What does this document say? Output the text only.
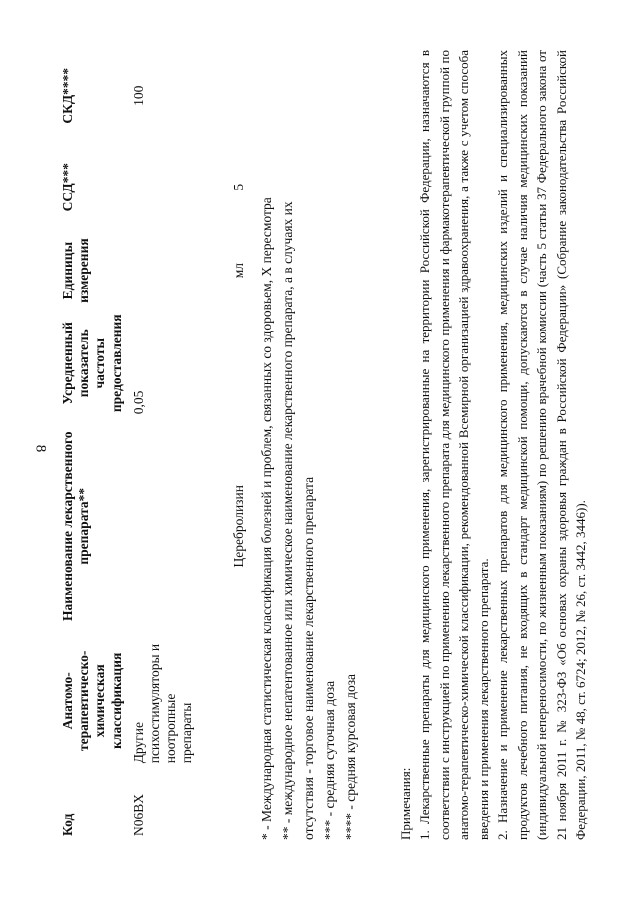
8
Код	Анатомо-терапевтическо-химическая классификация	Наименование лекарственного препарата**	Усредненный показатель частоты предоставления	Единицы измерения	ССД***	СКД****
N06BX	Другие психостимуляторы и ноотропные препараты	Церебролизин	0,05	мл	5	100
* - Международная статистическая классификация болезней и проблем, связанных со здоровьем, X пересмотра ** - международное непатентованное или химическое наименование лекарственного препарата, а в случаях их отсутствия - торговое наименование лекарственного препарата *** - средняя суточная доза **** - средняя курсовая доза	Примечания: 1. Лекарственные препараты для медицинского применения, зарегистрированные на территории Российской Федерации, назначаются в соответствии с инструкцией по применению лекарственного препарата для медицинского применения и фармакотерапевтической группой по анатомо-терапевтическо-химической классификации, рекомендованной Всемирной организацией здравоохранения, а также с учетом способа введения и применения лекарственного препарата. 2. Назначение и применение лекарственных препаратов для медицинского применения, медицинских изделий и специализированных продуктов лечебного питания, не входящих в стандарт медицинской помощи, допускаются в случае наличия медицинских показаний (индивидуальной непереносимости, по жизненным показаниям) по решению врачебной комиссии (часть 5 статьи 37 Федерального закона от 21 ноября 2011 г. № 323-ФЗ «Об основах охраны здоровья граждан в Российской Федерации» (Собрание законодательства Российской Федерации, 2011, № 48, ст. 6724; 2012, № 26, ст. 3442, 3446)).
